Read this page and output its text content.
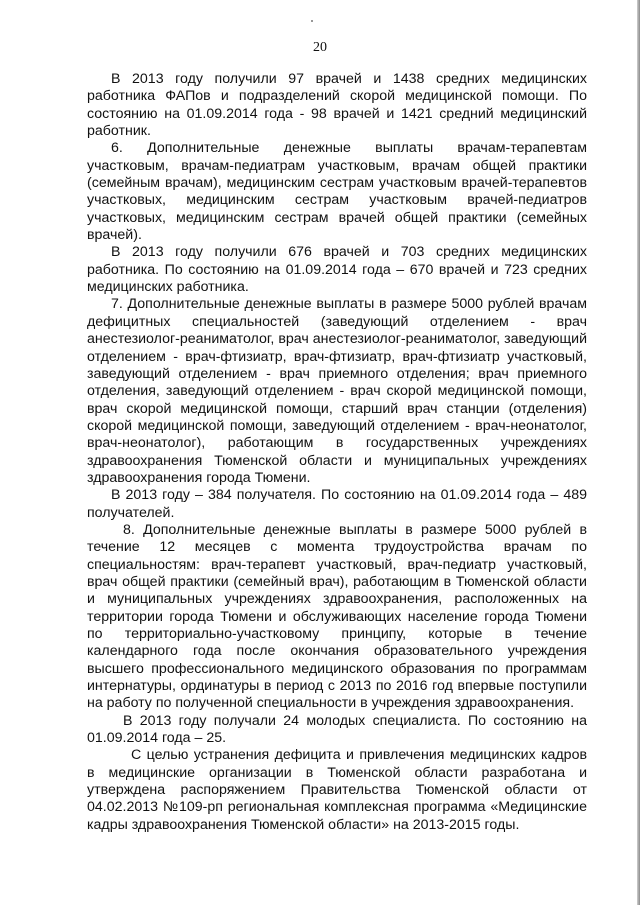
20

В 2013 году получили 97 врачей и 1438 средних медицинских работника ФАПов и подразделений скорой медицинской помощи. По состоянию на 01.09.2014 года - 98 врачей и 1421 средний медицинский работник.

6. Дополнительные денежные выплаты врачам-терапевтам участковым, врачам-педиатрам участковым, врачам общей практики (семейным врачам), медицинским сестрам участковым врачей-терапевтов участковых, медицинским сестрам участковым врачей-педиатров участковых, медицинским сестрам врачей общей практики (семейных врачей).

В 2013 году получили 676 врачей и 703 средних медицинских работника. По состоянию на 01.09.2014 года – 670 врачей и 723 средних медицинских работника.

7. Дополнительные денежные выплаты в размере 5000 рублей врачам дефицитных специальностей (заведующий отделением - врач анестезиолог-реаниматолог, врач анестезиолог-реаниматолог, заведующий отделением - врач-фтизиатр, врач-фтизиатр, врач-фтизиатр участковый, заведующий отделением - врач приемного отделения; врач приемного отделения, заведующий отделением - врач скорой медицинской помощи, врач скорой медицинской помощи, старший врач станции (отделения) скорой медицинской помощи, заведующий отделением - врач-неонатолог, врач-неонатолог), работающим в государственных учреждениях здравоохранения Тюменской области и муниципальных учреждениях здравоохранения города Тюмени.

В 2013 году – 384 получателя. По состоянию на 01.09.2014 года – 489 получателей.

8. Дополнительные денежные выплаты в размере 5000 рублей в течение 12 месяцев с момента трудоустройства врачам по специальностям: врач-терапевт участковый, врач-педиатр участковый, врач общей практики (семейный врач), работающим в Тюменской области и муниципальных учреждениях здравоохранения, расположенных на территории города Тюмени и обслуживающих население города Тюмени по территориально-участковому принципу, которые в течение календарного года после окончания образовательного учреждения высшего профессионального медицинского образования по программам интернатуры, ординатуры в период с 2013 по 2016 год впервые поступили на работу по полученной специальности в учреждения здравоохранения.

В 2013 году получали 24 молодых специалиста. По состоянию на 01.09.2014 года – 25.

С целью устранения дефицита и привлечения медицинских кадров в медицинские организации в Тюменской области разработана и утверждена распоряжением Правительства Тюменской области от 04.02.2013 №109-рп региональная комплексная программа «Медицинские кадры здравоохранения Тюменской области» на 2013-2015 годы.
